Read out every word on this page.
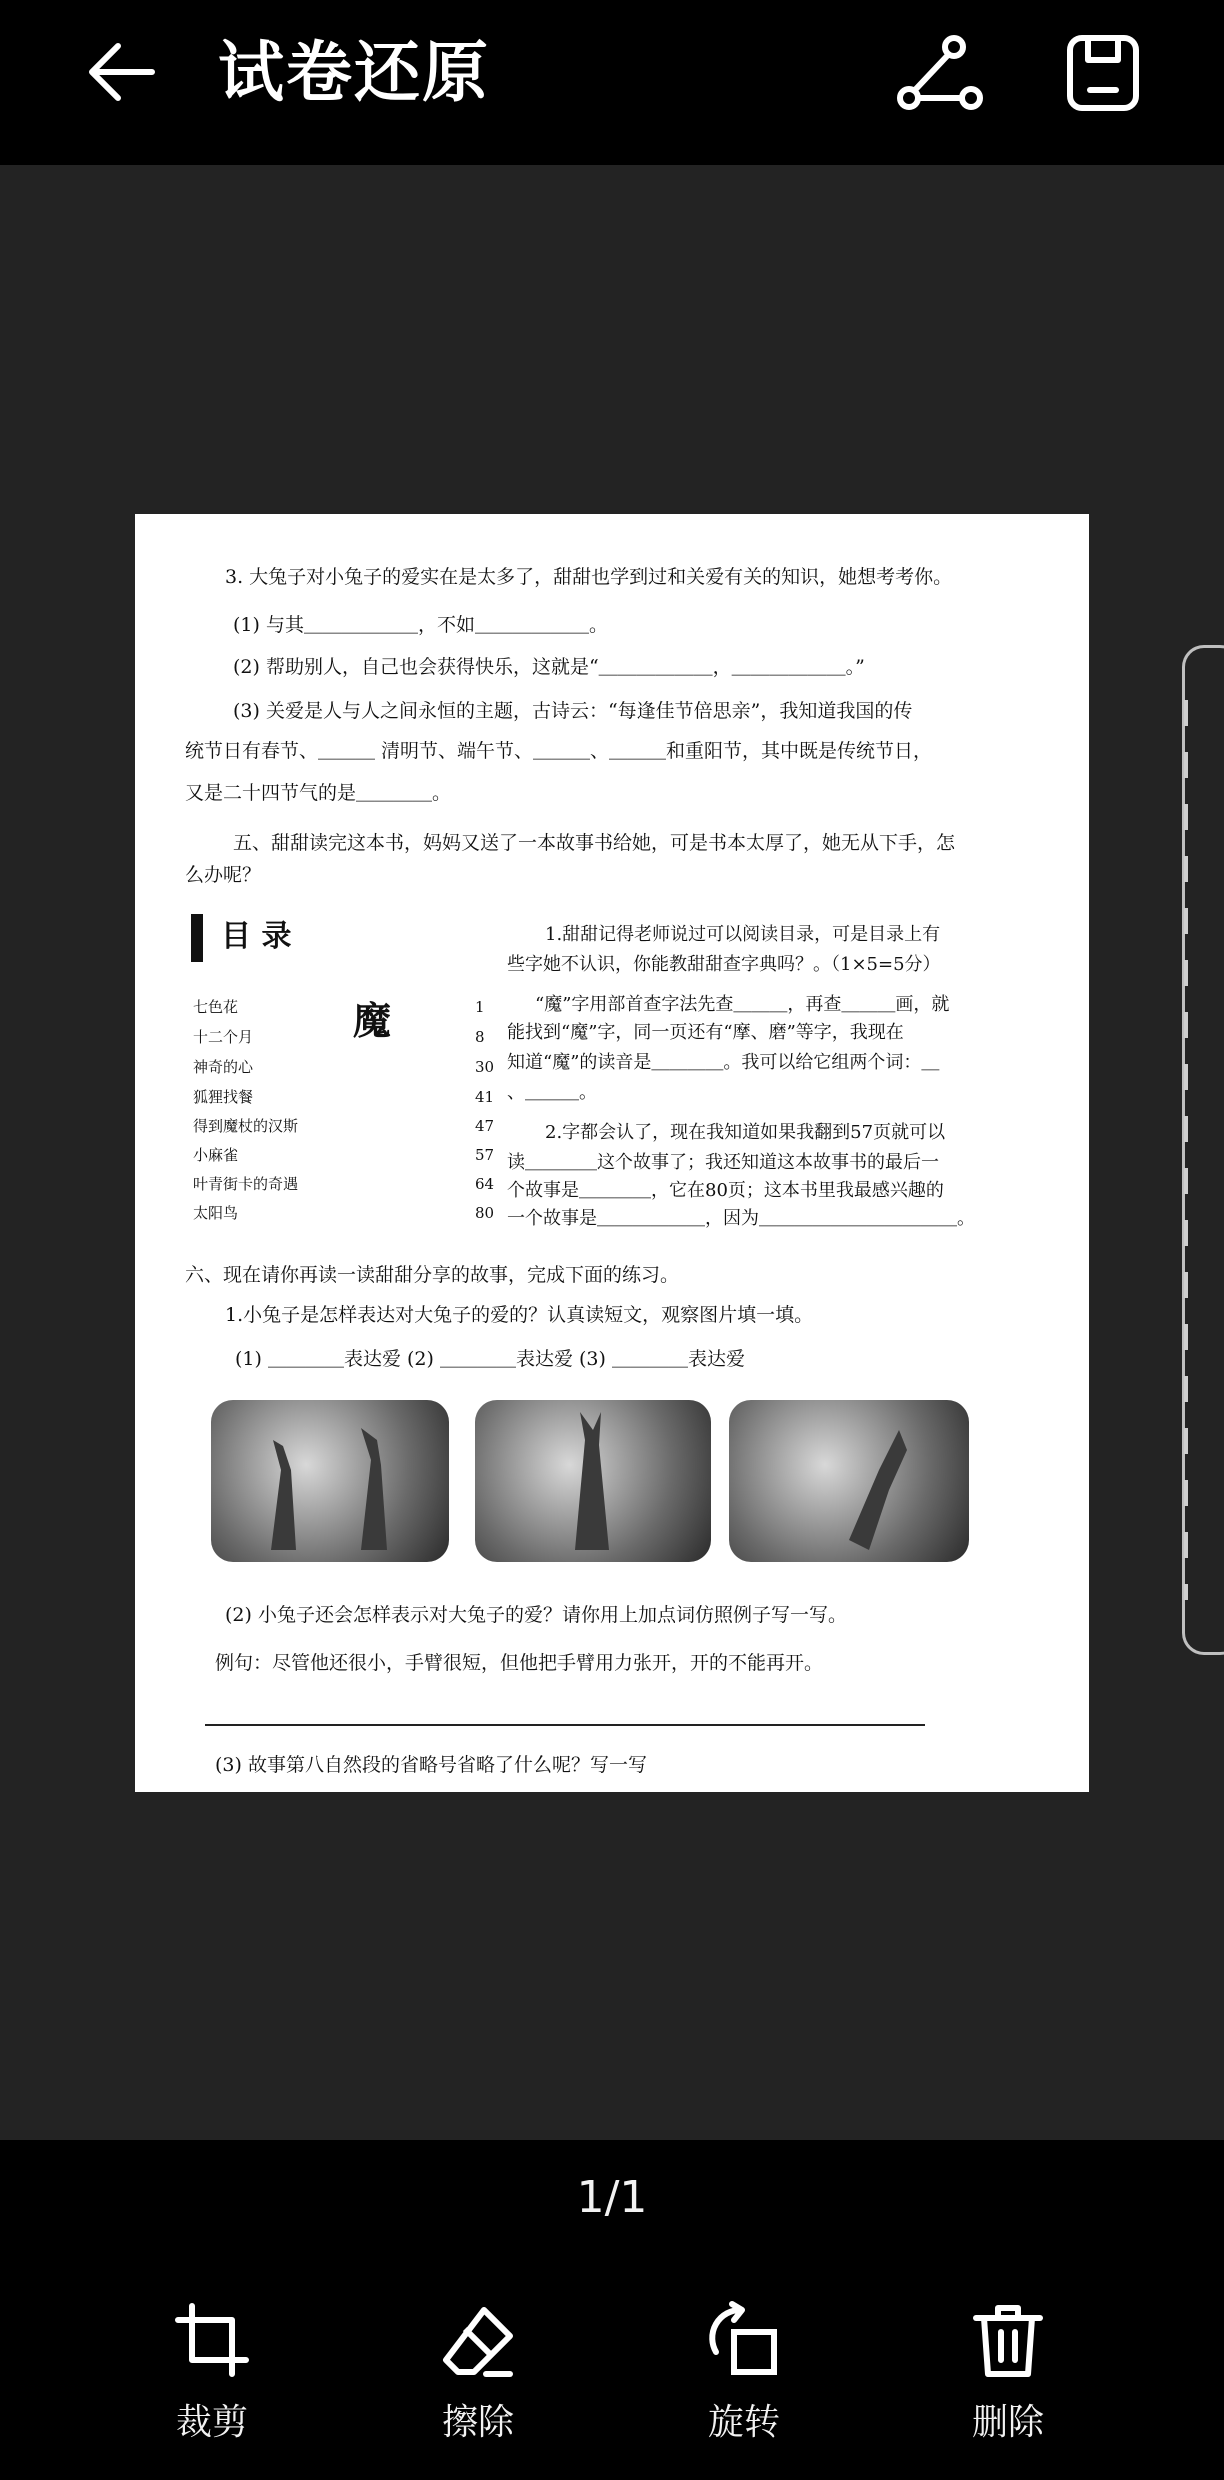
试卷还原
3. 大兔子对小兔子的爱实在是太多了，甜甜也学到过和关爱有关的知识，她想考考你。
(1) 与其＿＿＿＿＿＿，不如＿＿＿＿＿＿。
(2) 帮助别人，自己也会获得快乐，这就是“＿＿＿＿＿＿，＿＿＿＿＿＿。”
(3) 关爱是人与人之间永恒的主题，古诗云：“每逢佳节倍思亲”，我知道我国的传
统节日有春节、＿＿＿ 清明节、端午节、＿＿＿、＿＿＿和重阳节，其中既是传统节日，
又是二十四节气的是＿＿＿＿。
五、甜甜读完这本书，妈妈又送了一本故事书给她，可是书本太厚了，她无从下手，怎
么办呢？
目 录
七色花	1
十二个月	8
神奇的心	30
狐狸找餐	41
得到魔杖的汉斯	47
小麻雀	57
叶青街卡的奇遇	64
太阳鸟	80
魔
1.甜甜记得老师说过可以阅读目录，可是目录上有
些字她不认识，你能教甜甜查字典吗？。（1×5=5分）
“魔”字用部首查字法先查＿＿＿，再查＿＿＿画，就
能找到“魔”字，同一页还有“摩、磨”等字，我现在
知道“魔”的读音是＿＿＿＿。我可以给它组两个词：＿
、＿＿＿。
2.字都会认了，现在我知道如果我翻到57页就可以
读＿＿＿＿这个故事了；我还知道这本故事书的最后一
个故事是＿＿＿＿，它在80页；这本书里我最感兴趣的
一个故事是＿＿＿＿＿＿，因为＿＿＿＿＿＿＿＿＿＿＿。
六、现在请你再读一读甜甜分享的故事，完成下面的练习。
1.小兔子是怎样表达对大兔子的爱的？认真读短文，观察图片填一填。
(1) ＿＿＿＿表达爱 (2) ＿＿＿＿表达爱 (3) ＿＿＿＿表达爱
(2) 小兔子还会怎样表示对大兔子的爱？请你用上加点词仿照例子写一写。
例句：尽管他还很小，手臂很短，但他把手臂用力张开，开的不能再开。
(3) 故事第八自然段的省略号省略了什么呢？写一写
1/1
裁剪	擦除	旋转	删除
